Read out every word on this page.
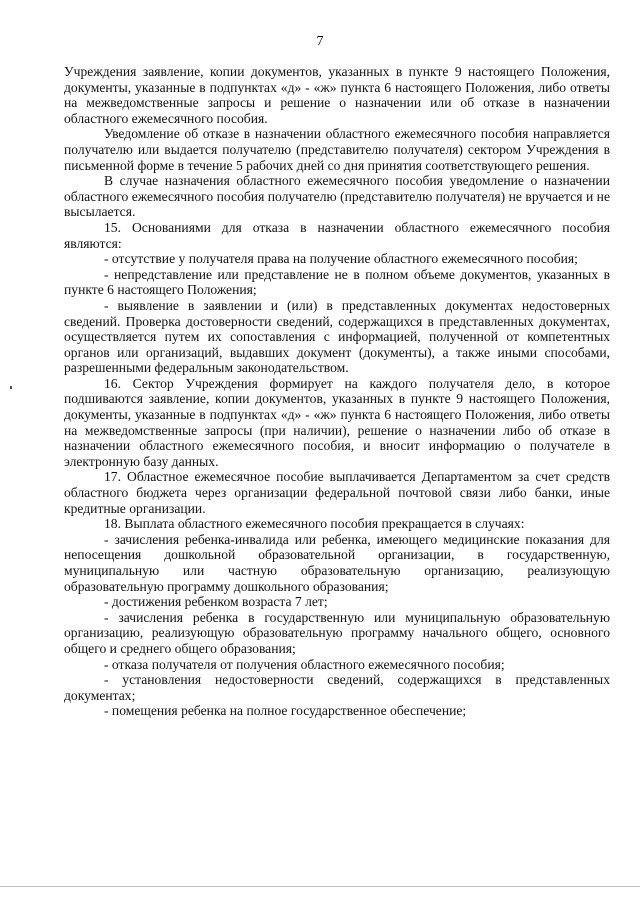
7

Учреждения заявление, копии документов, указанных в пункте 9 настоящего Положения, документы, указанные в подпунктах «д» - «ж» пункта 6 настоящего Положения, либо ответы на межведомственные запросы и решение о назначении или об отказе в назначении областного ежемесячного пособия.

Уведомление об отказе в назначении областного ежемесячного пособия направляется получателю или выдается получателю (представителю получателя) сектором Учреждения в письменной форме в течение 5 рабочих дней со дня принятия соответствующего решения.

В случае назначения областного ежемесячного пособия уведомление о назначении областного ежемесячного пособия получателю (представителю получателя) не вручается и не высылается.

15. Основаниями для отказа в назначении областного ежемесячного пособия являются:

- отсутствие у получателя права на получение областного ежемесячного пособия;

- непредставление или представление не в полном объеме документов, указанных в пункте 6 настоящего Положения;

- выявление в заявлении и (или) в представленных документах недостоверных сведений. Проверка достоверности сведений, содержащихся в представленных документах, осуществляется путем их сопоставления с информацией, полученной от компетентных органов или организаций, выдавших документ (документы), а также иными способами, разрешенными федеральным законодательством.

16. Сектор Учреждения формирует на каждого получателя дело, в которое подшиваются заявление, копии документов, указанных в пункте 9 настоящего Положения, документы, указанные в подпунктах «д» - «ж» пункта 6 настоящего Положения, либо ответы на межведомственные запросы (при наличии), решение о назначении либо об отказе в назначении областного ежемесячного пособия, и вносит информацию о получателе в электронную базу данных.

17. Областное ежемесячное пособие выплачивается Департаментом за счет средств областного бюджета через организации федеральной почтовой связи либо банки, иные кредитные организации.

18. Выплата областного ежемесячного пособия прекращается в случаях:

- зачисления ребенка-инвалида или ребенка, имеющего медицинские показания для непосещения дошкольной образовательной организации, в государственную, муниципальную или частную образовательную организацию, реализующую образовательную программу дошкольного образования;

- достижения ребенком возраста 7 лет;

- зачисления ребенка в государственную или муниципальную образовательную организацию, реализующую образовательную программу начального общего, основного общего и среднего общего образования;

- отказа получателя от получения областного ежемесячного пособия;

- установления недостоверности сведений, содержащихся в представленных документах;

- помещения ребенка на полное государственное обеспечение;
